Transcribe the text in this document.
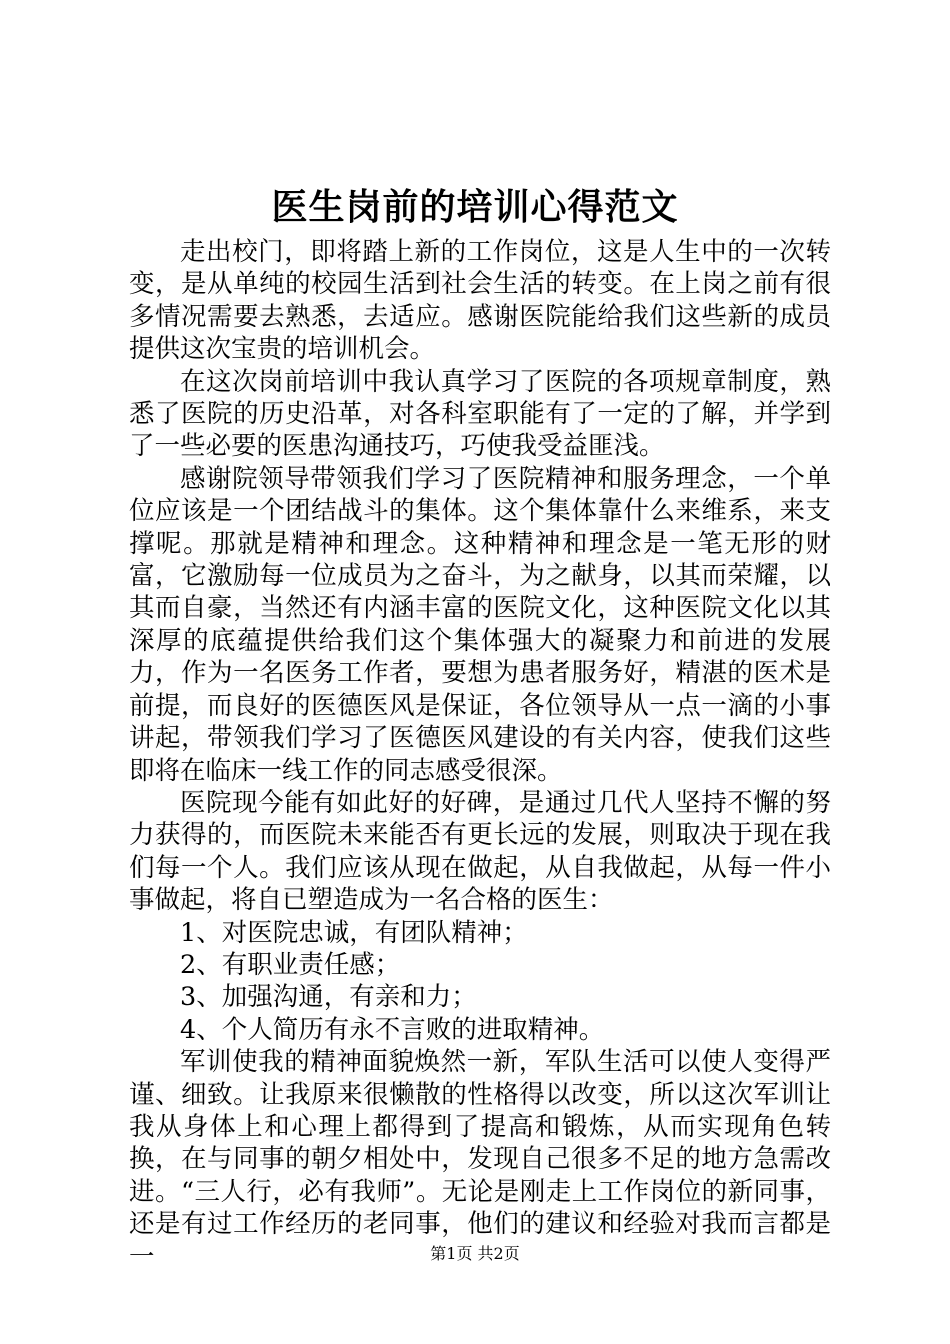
医生岗前的培训心得范文

走出校门，即将踏上新的工作岗位，这是人生中的一次转变，是从单纯的校园生活到社会生活的转变。在上岗之前有很多情况需要去熟悉，去适应。感谢医院能给我们这些新的成员提供这次宝贵的培训机会。

在这次岗前培训中我认真学习了医院的各项规章制度，熟悉了医院的历史沿革，对各科室职能有了一定的了解，并学到了一些必要的医患沟通技巧，巧使我受益匪浅。

感谢院领导带领我们学习了医院精神和服务理念，一个单位应该是一个团结战斗的集体。这个集体靠什么来维系，来支撑呢。那就是精神和理念。这种精神和理念是一笔无形的财富，它激励每一位成员为之奋斗，为之献身，以其而荣耀，以其而自豪，当然还有内涵丰富的医院文化，这种医院文化以其深厚的底蕴提供给我们这个集体强大的凝聚力和前进的发展力，作为一名医务工作者，要想为患者服务好，精湛的医术是前提，而良好的医德医风是保证，各位领导从一点一滴的小事讲起，带领我们学习了医德医风建设的有关内容，使我们这些即将在临床一线工作的同志感受很深。

医院现今能有如此好的好碑，是通过几代人坚持不懈的努力获得的，而医院未来能否有更长远的发展，则取决于现在我们每一个人。我们应该从现在做起，从自我做起，从每一件小事做起，将自已塑造成为一名合格的医生：

1、对医院忠诚，有团队精神；

2、有职业责任感；

3、加强沟通，有亲和力；

4、个人简历有永不言败的进取精神。

军训使我的精神面貌焕然一新，军队生活可以使人变得严谨、细致。让我原来很懒散的性格得以改变，所以这次军训让我从身体上和心理上都得到了提高和锻炼，从而实现角色转换，在与同事的朝夕相处中，发现自己很多不足的地方急需改进。“三人行，必有我师”。无论是刚走上工作岗位的新同事，还是有过工作经历的老同事，他们的建议和经验对我而言都是一	第1页 共2页
